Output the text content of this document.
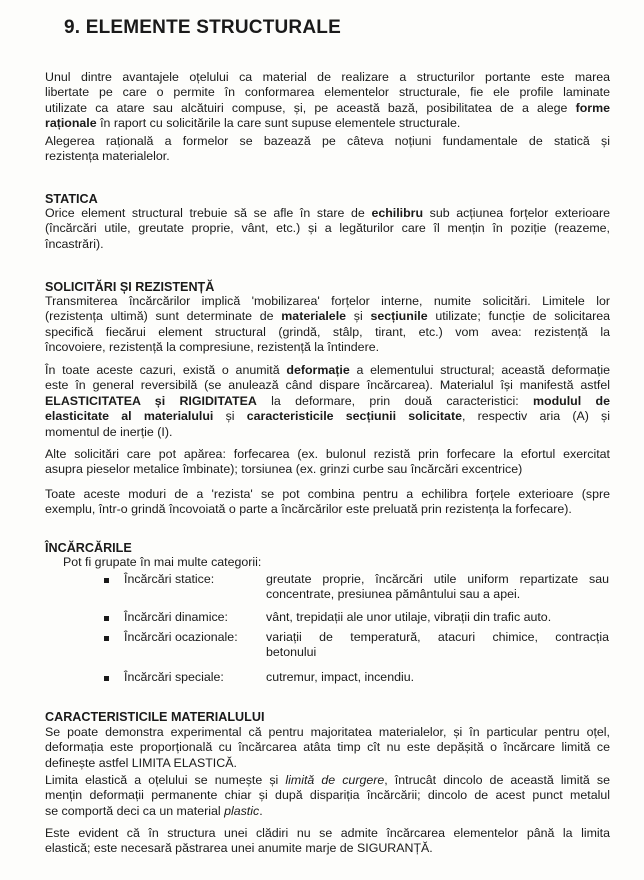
9. ELEMENTE STRUCTURALE
Unul dintre avantajele oțelului ca material de realizare a structurilor portante este marea
libertate pe care o permite în conformarea elementelor structurale, fie ele profile laminate
utilizate ca atare sau alcătuiri compuse, și, pe această bază, posibilitatea de a alege forme
raționale în raport cu solicitările la care sunt supuse elementele structurale.
Alegerea rațională a formelor se bazează pe câteva noțiuni fundamentale de statică și
rezistența materialelor.
STATICA
Orice element structural trebuie să se afle în stare de echilibru sub acțiunea forțelor exterioare
(încărcări utile, greutate proprie, vânt, etc.) și a legăturilor care îl mențin în poziție (reazeme,
încastrări).
SOLICITĂRI ȘI REZISTENȚĂ
Transmiterea încărcărilor implică 'mobilizarea' forțelor interne, numite solicitări. Limitele lor
(rezistența ultimă) sunt determinate de materialele și secțiunile utilizate; funcție de solicitarea
specifică fiecărui element structural (grindă, stâlp, tirant, etc.) vom avea: rezistență la
încovoiere, rezistență la compresiune, rezistență la întindere.
În toate aceste cazuri, există o anumită deformație a elementului structural; această deformație
este în general reversibilă (se anulează când dispare încărcarea). Materialul își manifestă astfel
ELASTICITATEA și RIGIDITATEA la deformare, prin două caracteristici: modulul de
elasticitate al materialului și caracteristicile secțiunii solicitate, respectiv aria (A) și
momentul de inerție (I).
Alte solicitări care pot apărea: forfecarea (ex. bulonul rezistă prin forfecare la efortul exercitat
asupra pieselor metalice îmbinate); torsiunea (ex. grinzi curbe sau încărcări excentrice)
Toate aceste moduri de a 'rezista' se pot combina pentru a echilibra forțele exterioare (spre
exemplu, într-o grindă încovoiată o parte a încărcărilor este preluată prin rezistența la forfecare).
ÎNCĂRCĂRILE
Pot fi grupate în mai multe categorii:
Încărcări statice:	greutate proprie, încărcări utile uniform repartizate sau
concentrate, presiunea pământului sau a apei.
Încărcări dinamice:	vânt, trepidații ale unor utilaje, vibrații din trafic auto.
Încărcări ocazionale: variații de temperatură, atacuri chimice, contracția
betonului
Încărcări speciale:	cutremur, impact, incendiu.
CARACTERISTICILE MATERIALULUI
Se poate demonstra experimental că pentru majoritatea materialelor, și în particular pentru oțel,
deformația este proporțională cu încărcarea atâta timp cît nu este depășită o încărcare limită ce
definește astfel LIMITA ELASTICĂ.
Limita elastică a oțelului se numește și limită de curgere, întrucât dincolo de această limită se
mențin deformații permanente chiar și după dispariția încărcării; dincolo de acest punct metalul
se comportă deci ca un material plastic.
Este evident că în structura unei clădiri nu se admite încărcarea elementelor până la limita
elastică; este necesară păstrarea unei anumite marje de SIGURANȚĂ.
